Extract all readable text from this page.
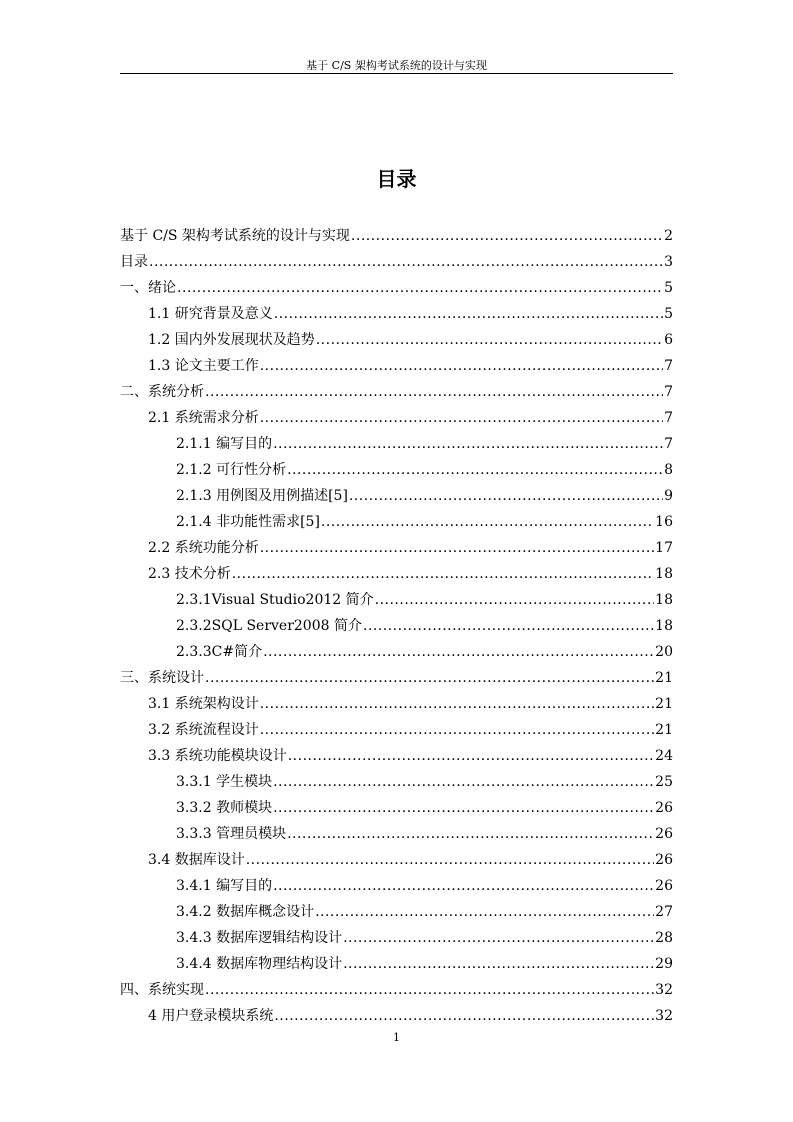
基于 C/S 架构考试系统的设计与实现
目录
基于 C/S 架构考试系统的设计与实现 .....	2
目录 .....	3
一、绪论 .....	5
1.1 研究背景及意义 .....	5
1.2 国内外发展现状及趋势 .....	6
1.3 论文主要工作 .....	7
二、系统分析 .....	7
2.1 系统需求分析 .....	7
2.1.1 编写目的 .....	7
2.1.2 可行性分析 .....	8
2.1.3 用例图及用例描述[5] .....	9
2.1.4 非功能性需求[5] .....	16
2.2 系统功能分析 .....	17
2.3 技术分析 .....	18
2.3.1Visual Studio2012 简介 .....	18
2.3.2SQL Server2008 简介 .....	18
2.3.3C#简介 .....	20
三、系统设计 .....	21
3.1 系统架构设计 .....	21
3.2 系统流程设计 .....	21
3.3 系统功能模块设计 .....	24
3.3.1 学生模块 .....	25
3.3.2 教师模块 .....	26
3.3.3 管理员模块 .....	26
3.4 数据库设计 .....	26
3.4.1 编写目的 .....	26
3.4.2 数据库概念设计 .....	27
3.4.3 数据库逻辑结构设计 .....	28
3.4.4 数据库物理结构设计 .....	29
四、系统实现 .....	32
4 用户登录模块系统 .....	32
1
